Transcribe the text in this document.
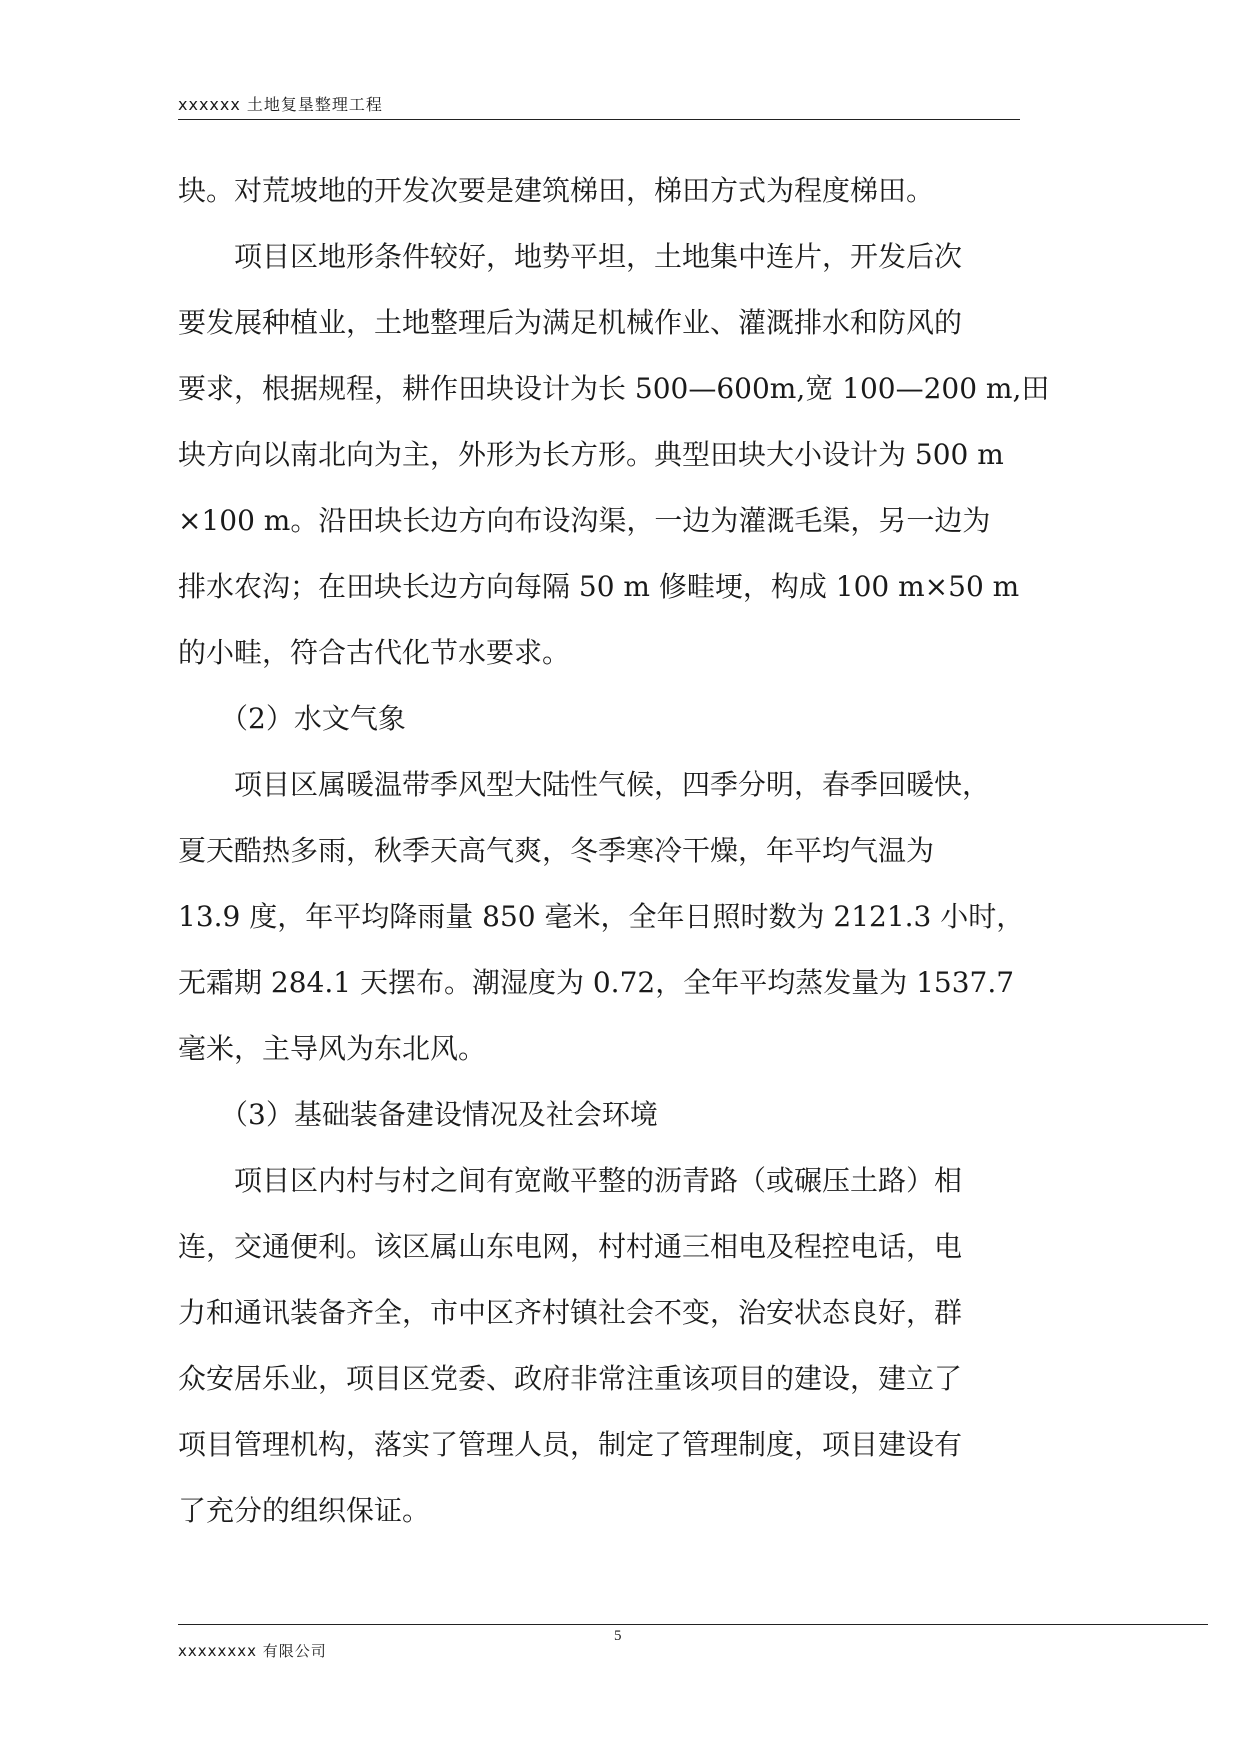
xxxxxx 土地复垦整理工程
块。对荒坡地的开发次要是建筑梯田，梯田方式为程度梯田。
　　项目区地形条件较好，地势平坦，土地集中连片，开发后次
要发展种植业，土地整理后为满足机械作业、灌溉排水和防风的
要求，根据规程，耕作田块设计为长 500—600m,宽 100—200 m,田
块方向以南北向为主，外形为长方形。典型田块大小设计为 500 m
×100 m。沿田块长边方向布设沟渠，一边为灌溉毛渠，另一边为
排水农沟；在田块长边方向每隔 50 m 修畦埂，构成 100 m×50 m
的小畦，符合古代化节水要求。
　　（2）水文气象
　　项目区属暖温带季风型大陆性气候，四季分明，春季回暖快，
夏天酷热多雨，秋季天高气爽，冬季寒冷干燥，年平均气温为
13.9 度，年平均降雨量 850 毫米，全年日照时数为 2121.3 小时，
无霜期 284.1 天摆布。潮湿度为 0.72，全年平均蒸发量为 1537.7
毫米，主导风为东北风。
　　（3）基础装备建设情况及社会环境
　　项目区内村与村之间有宽敞平整的沥青路（或碾压土路）相
连，交通便利。该区属山东电网，村村通三相电及程控电话，电
力和通讯装备齐全，市中区齐村镇社会不变，治安状态良好，群
众安居乐业，项目区党委、政府非常注重该项目的建设，建立了
项目管理机构，落实了管理人员，制定了管理制度，项目建设有
了充分的组织保证。
xxxxxxxx 有限公司
5
